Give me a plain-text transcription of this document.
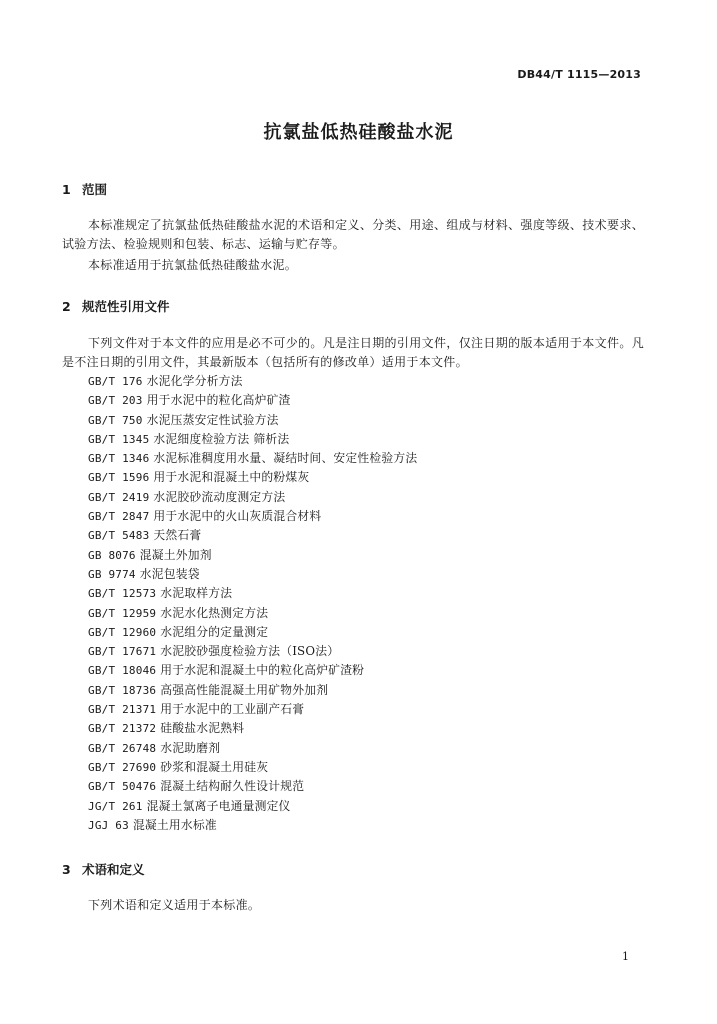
DB44/T 1115—2013
抗氯盐低热硅酸盐水泥
1 范围
本标准规定了抗氯盐低热硅酸盐水泥的术语和定义、分类、用途、组成与材料、强度等级、技术要求、试验方法、检验规则和包装、标志、运输与贮存等。
本标准适用于抗氯盐低热硅酸盐水泥。
2 规范性引用文件
下列文件对于本文件的应用是必不可少的。凡是注日期的引用文件，仅注日期的版本适用于本文件。凡是不注日期的引用文件，其最新版本（包括所有的修改单）适用于本文件。
GB/T 176 水泥化学分析方法
GB/T 203 用于水泥中的粒化高炉矿渣
GB/T 750 水泥压蒸安定性试验方法
GB/T 1345 水泥细度检验方法 筛析法
GB/T 1346 水泥标准稠度用水量、凝结时间、安定性检验方法
GB/T 1596 用于水泥和混凝土中的粉煤灰
GB/T 2419 水泥胶砂流动度测定方法
GB/T 2847 用于水泥中的火山灰质混合材料
GB/T 5483 天然石膏
GB 8076 混凝土外加剂
GB 9774 水泥包装袋
GB/T 12573 水泥取样方法
GB/T 12959 水泥水化热测定方法
GB/T 12960 水泥组分的定量测定
GB/T 17671 水泥胶砂强度检验方法（ISO法）
GB/T 18046 用于水泥和混凝土中的粒化高炉矿渣粉
GB/T 18736 高强高性能混凝土用矿物外加剂
GB/T 21371 用于水泥中的工业副产石膏
GB/T 21372 硅酸盐水泥熟料
GB/T 26748 水泥助磨剂
GB/T 27690 砂浆和混凝土用硅灰
GB/T 50476 混凝土结构耐久性设计规范
JG/T 261 混凝土氯离子电通量测定仪
JGJ 63 混凝土用水标准
3 术语和定义
下列术语和定义适用于本标准。
1
